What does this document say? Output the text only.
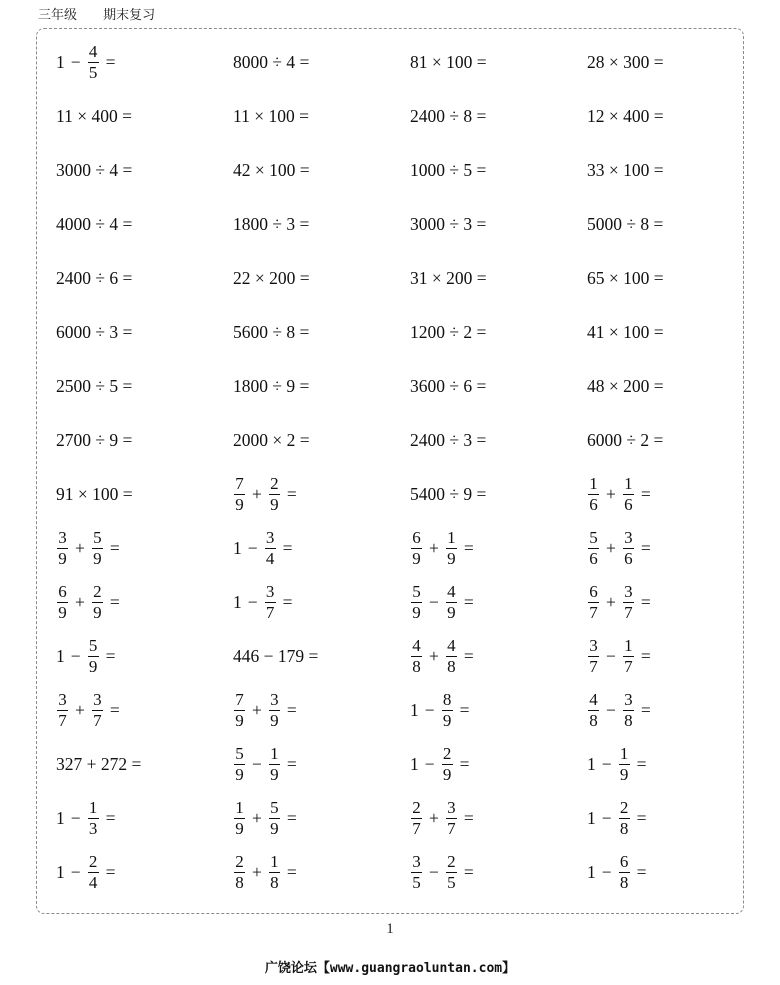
三年级 期末复习
$1 - \frac{4}{5}$ =	8000 ÷ 4 =	81 × 100 =	28 × 300 =
11 × 400 =	11 × 100 =	2400 ÷ 8 =	12 × 400 =
3000 ÷ 4 =	42 × 100 =	1000 ÷ 5 =	33 × 100 =
4000 ÷ 4 =	1800 ÷ 3 =	3000 ÷ 3 =	5000 ÷ 8 =
2400 ÷ 6 =	22 × 200 =	31 × 200 =	65 × 100 =
6000 ÷ 3 =	5600 ÷ 8 =	1200 ÷ 2 =	41 × 100 =
2500 ÷ 5 =	1800 ÷ 9 =	3600 ÷ 6 =	48 × 200 =
2700 ÷ 9 =	2000 × 2 =	2400 ÷ 3 =	6000 ÷ 2 =
91 × 100 =	$\frac{7}{9} + \frac{2}{9}$ =	5400 ÷ 9 =	$\frac{1}{6} + \frac{1}{6}$ =
$\frac{3}{9} + \frac{5}{9}$ =	$1 - \frac{3}{4}$ =	$\frac{6}{9} + \frac{1}{9}$ =	$\frac{5}{6} + \frac{3}{6}$ =
$\frac{6}{9} + \frac{2}{9}$ =	$1 - \frac{3}{7}$ =	$\frac{5}{9} - \frac{4}{9}$ =	$\frac{6}{7} + \frac{3}{7}$ =
$1 - \frac{5}{9}$ =	446 − 179 =	$\frac{4}{8} + \frac{4}{8}$ =	$\frac{3}{7} - \frac{1}{7}$ =
$\frac{3}{7} + \frac{3}{7}$ =	$\frac{7}{9} + \frac{3}{9}$ =	$1 - \frac{8}{9}$ =	$\frac{4}{8} - \frac{3}{8}$ =
327 + 272 =	$\frac{5}{9} - \frac{1}{9}$ =	$1 - \frac{2}{9}$ =	$1 - \frac{1}{9}$ =
$1 - \frac{1}{3}$ =	$\frac{1}{9} + \frac{5}{9}$ =	$\frac{2}{7} + \frac{3}{7}$ =	$1 - \frac{2}{8}$ =
$1 - \frac{2}{4}$ =	$\frac{2}{8} + \frac{1}{8}$ =	$\frac{3}{5} - \frac{2}{5}$ =	$1 - \frac{6}{8}$ =
1
广饶论坛【www.guangraoluntan.com】
